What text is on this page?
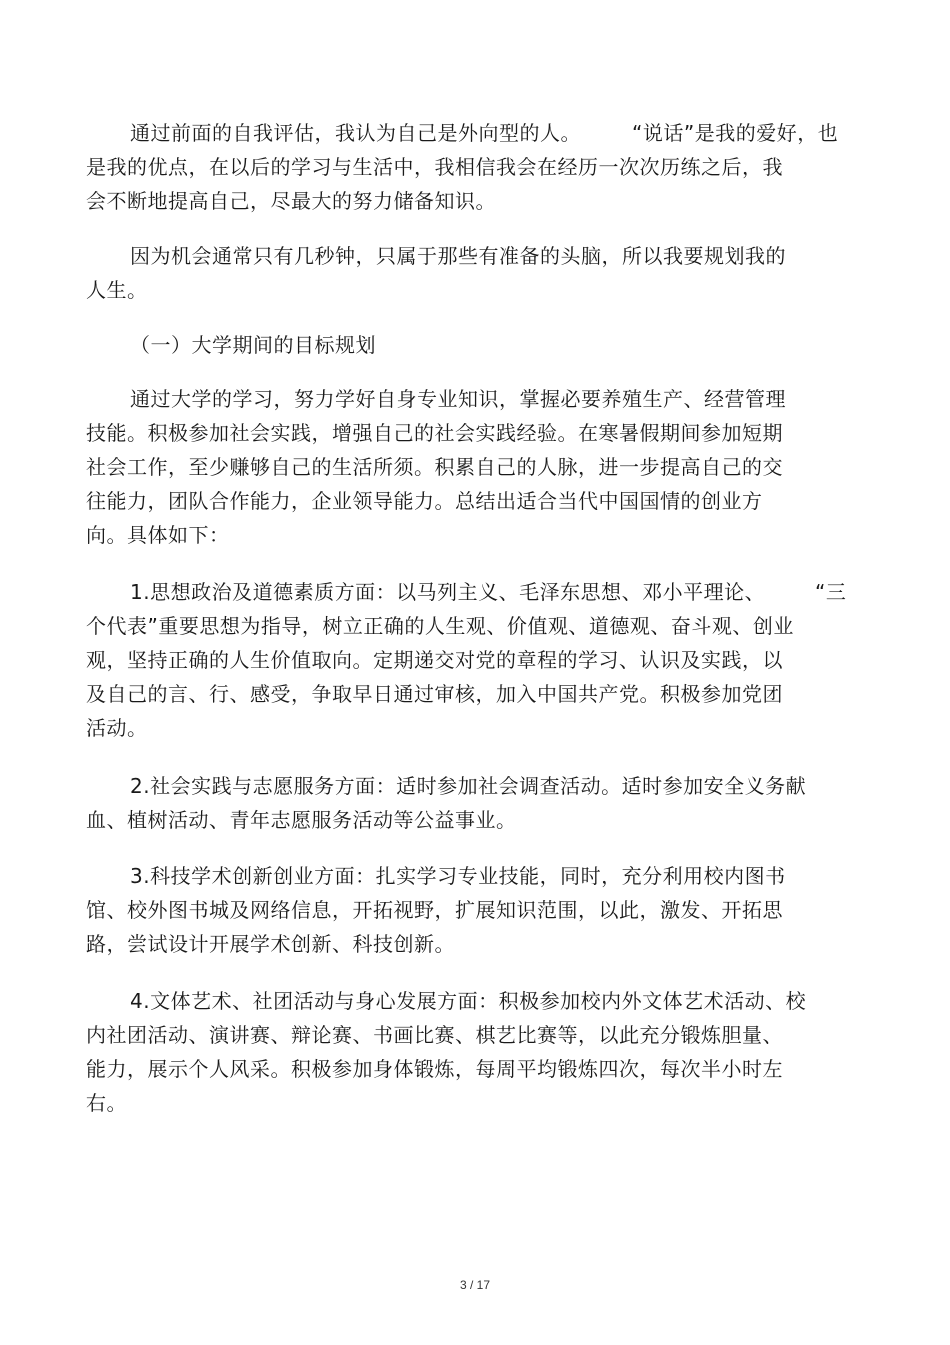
通过前面的自我评估，我认为自己是外向型的人。	“说话”是我的爱好，也
是我的优点，在以后的学习与生活中，我相信我会在经历一次次历练之后，我
会不断地提高自己，尽最大的努力储备知识。
因为机会通常只有几秒钟，只属于那些有准备的头脑，所以我要规划我的
人生。
（一）大学期间的目标规划
通过大学的学习，努力学好自身专业知识，掌握必要养殖生产、经营管理
技能。积极参加社会实践，增强自己的社会实践经验。在寒暑假期间参加短期
社会工作，至少赚够自己的生活所须。积累自己的人脉，进一步提高自己的交
往能力，团队合作能力，企业领导能力。总结出适合当代中国国情的创业方
向。具体如下：
1.思想政治及道德素质方面：以马列主义、毛泽东思想、邓小平理论、 “三
个代表”重要思想为指导，树立正确的人生观、价值观、道德观、奋斗观、创业
观，坚持正确的人生价值取向。定期递交对党的章程的学习、认识及实践，以
及自己的言、行、感受，争取早日通过审核，加入中国共产党。积极参加党团
活动。
2.社会实践与志愿服务方面：适时参加社会调查活动。适时参加安全义务献
血、植树活动、青年志愿服务活动等公益事业。
3.科技学术创新创业方面：扎实学习专业技能，同时，充分利用校内图书
馆、校外图书城及网络信息，开拓视野，扩展知识范围，以此，激发、开拓思
路，尝试设计开展学术创新、科技创新。
4.文体艺术、社团活动与身心发展方面：积极参加校内外文体艺术活动、校
内社团活动、演讲赛、辩论赛、书画比赛、棋艺比赛等，以此充分锻炼胆量、
能力，展示个人风采。积极参加身体锻炼，每周平均锻炼四次，每次半小时左
右。
3 / 17
